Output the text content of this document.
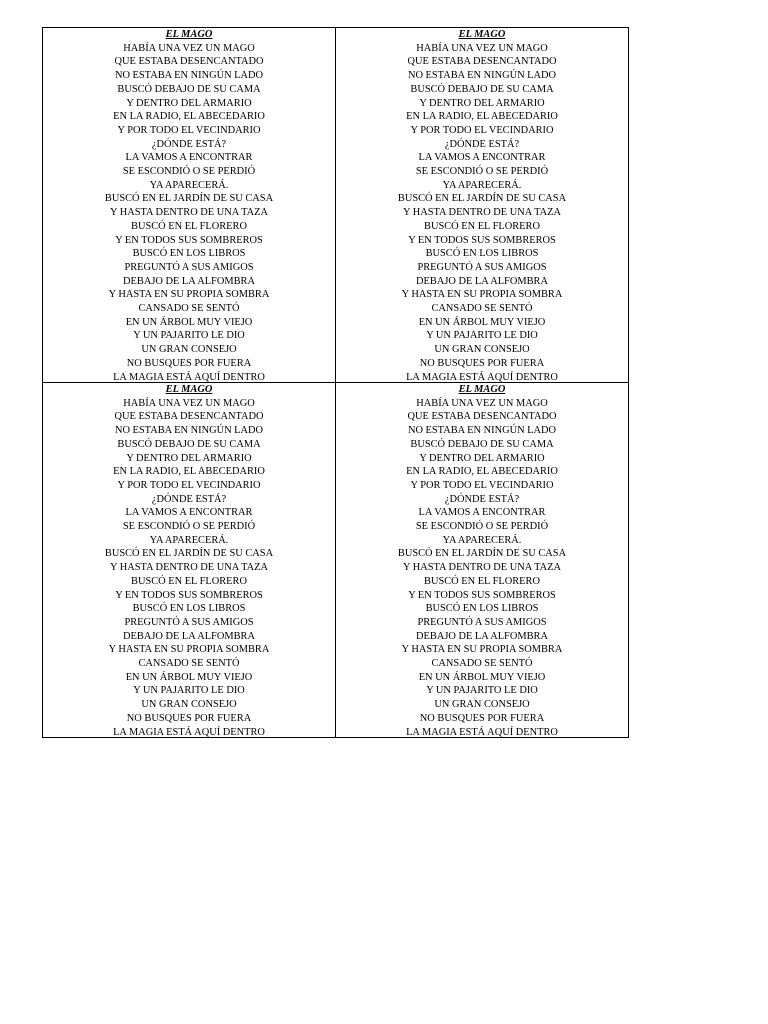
EL MAGO
HABÍA UNA VEZ UN MAGO
QUE ESTABA DESENCANTADO
NO ESTABA EN NINGÚN LADO
BUSCÓ DEBAJO DE SU CAMA
Y DENTRO DEL ARMARIO
EN LA RADIO, EL ABECEDARIO
Y POR TODO EL VECINDARIO
¿DÓNDE ESTÁ?
LA VAMOS A ENCONTRAR
SE ESCONDIÓ O SE PERDIÓ
YA APARECERÁ.
BUSCÓ EN EL JARDÍN DE SU CASA
Y HASTA DENTRO DE UNA TAZA
BUSCÓ EN EL FLORERO
Y EN TODOS SUS SOMBREROS
BUSCÓ EN LOS LIBROS
PREGUNTÓ A SUS AMIGOS
DEBAJO DE LA ALFOMBRA
Y HASTA EN SU PROPIA SOMBRA
CANSADO SE SENTÓ
EN UN ÁRBOL MUY VIEJO
Y UN PAJARITO LE DIO
UN GRAN CONSEJO
NO BUSQUES POR FUERA
LA MAGIA ESTÁ AQUÍ DENTRO
EL MAGO
HABÍA UNA VEZ UN MAGO
QUE ESTABA DESENCANTADO
NO ESTABA EN NINGÚN LADO
BUSCÓ DEBAJO DE SU CAMA
Y DENTRO DEL ARMARIO
EN LA RADIO, EL ABECEDARIO
Y POR TODO EL VECINDARIO
¿DÓNDE ESTÁ?
LA VAMOS A ENCONTRAR
SE ESCONDIÓ O SE PERDIÓ
YA APARECERÁ.
BUSCÓ EN EL JARDÍN DE SU CASA
Y HASTA DENTRO DE UNA TAZA
BUSCÓ EN EL FLORERO
Y EN TODOS SUS SOMBREROS
BUSCÓ EN LOS LIBROS
PREGUNTÓ A SUS AMIGOS
DEBAJO DE LA ALFOMBRA
Y HASTA EN SU PROPIA SOMBRA
CANSADO SE SENTÓ
EN UN ÁRBOL MUY VIEJO
Y UN PAJARITO LE DIO
UN GRAN CONSEJO
NO BUSQUES POR FUERA
LA MAGIA ESTÁ AQUÍ DENTRO
EL MAGO
HABÍA UNA VEZ UN MAGO
QUE ESTABA DESENCANTADO
NO ESTABA EN NINGÚN LADO
BUSCÓ DEBAJO DE SU CAMA
Y DENTRO DEL ARMARIO
EN LA RADIO, EL ABECEDARIO
Y POR TODO EL VECINDARIO
¿DÓNDE ESTÁ?
LA VAMOS A ENCONTRAR
SE ESCONDIÓ O SE PERDIÓ
YA APARECERÁ.
BUSCÓ EN EL JARDÍN DE SU CASA
Y HASTA DENTRO DE UNA TAZA
BUSCÓ EN EL FLORERO
Y EN TODOS SUS SOMBREROS
BUSCÓ EN LOS LIBROS
PREGUNTÓ A SUS AMIGOS
DEBAJO DE LA ALFOMBRA
Y HASTA EN SU PROPIA SOMBRA
CANSADO SE SENTÓ
EN UN ÁRBOL MUY VIEJO
Y UN PAJARITO LE DIO
UN GRAN CONSEJO
NO BUSQUES POR FUERA
LA MAGIA ESTÁ AQUÍ DENTRO
EL MAGO
HABÍA UNA VEZ UN MAGO
QUE ESTABA DESENCANTADO
NO ESTABA EN NINGÚN LADO
BUSCÓ DEBAJO DE SU CAMA
Y DENTRO DEL ARMARIO
EN LA RADIO, EL ABECEDARIO
Y POR TODO EL VECINDARIO
¿DÓNDE ESTÁ?
LA VAMOS A ENCONTRAR
SE ESCONDIÓ O SE PERDIÓ
YA APARECERÁ.
BUSCÓ EN EL JARDÍN DE SU CASA
Y HASTA DENTRO DE UNA TAZA
BUSCÓ EN EL FLORERO
Y EN TODOS SUS SOMBREROS
BUSCÓ EN LOS LIBROS
PREGUNTÓ A SUS AMIGOS
DEBAJO DE LA ALFOMBRA
Y HASTA EN SU PROPIA SOMBRA
CANSADO SE SENTÓ
EN UN ÁRBOL MUY VIEJO
Y UN PAJARITO LE DIO
UN GRAN CONSEJO
NO BUSQUES POR FUERA
LA MAGIA ESTÁ AQUÍ DENTRO
